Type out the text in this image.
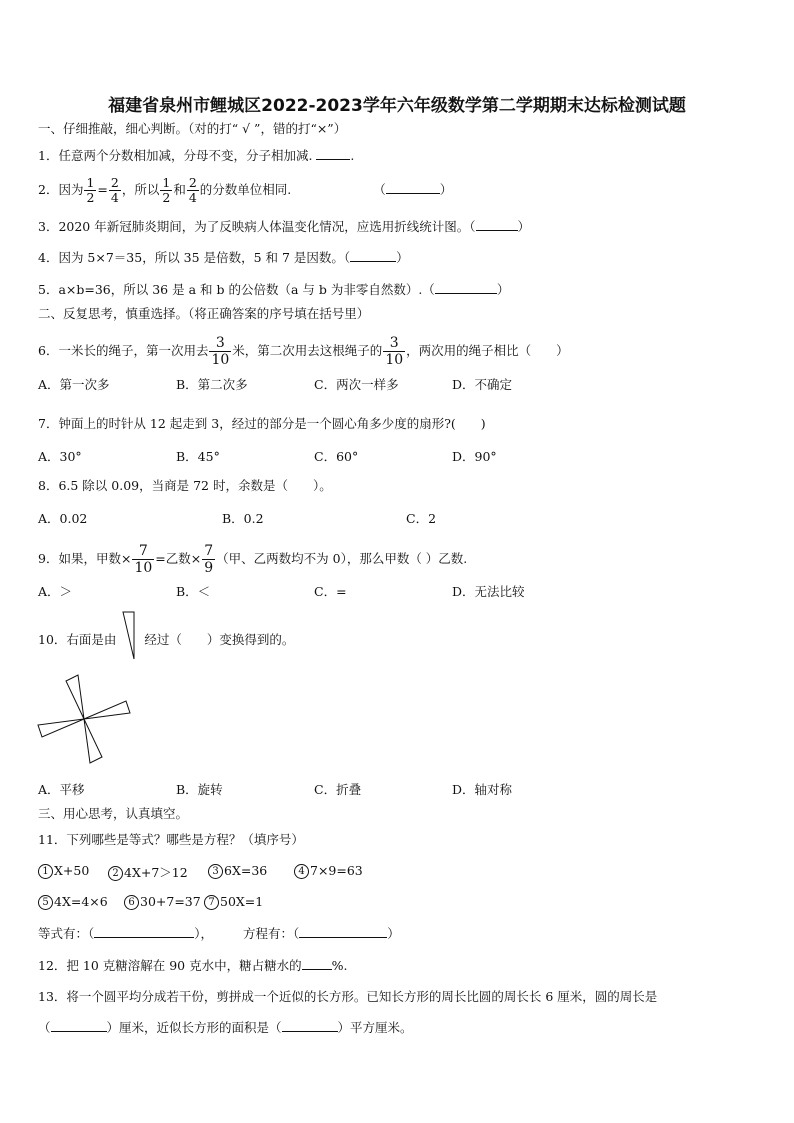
福建省泉州市鲤城区2022-2023学年六年级数学第二学期期末达标检测试题
一、仔细推敲，细心判断。（对的打“ √ ”，错的打“×”）
1．任意两个分数相加减，分母不变，分子相加减.	.
2．因为 $\frac{1}{2} = \frac{2}{4}$ ，所以 $\frac{1}{2}$ 和 $\frac{2}{4}$ 的分数单位相同.	（	）
3．2020 年新冠肺炎期间，为了反映病人体温变化情况，应选用折线统计图。（	）
4．因为 5×7＝35，所以 35 是倍数，5 和 7 是因数。（	）
5．a×b=36，所以 36 是 a 和 b 的公倍数（a 与 b 为非零自然数）.（	）
二、反复思考，慎重选择。（将正确答案的序号填在括号里）
6．一米长的绳子，第一次用去 $\frac{3}{10}$ 米，第二次用去这根绳子的 $\frac{3}{10}$ ，两次用的绳子相比（　　）
A．第一次多	B．第二次多	C．两次一样多	D．不确定
7．钟面上的时针从 12 起走到 3，经过的部分是一个圆心角多少度的扇形?(　　)
A．30°	B．45°	C．60°	D．90°
8．6.5 除以 0.09，当商是 72 时，余数是（　　）。
A．0.02	B．0.2	C．2
9．如果，甲数× $\frac{7}{10}$ =乙数× $\frac{7}{9}$ （甲、乙两数均不为 0），那么甲数（ ）乙数.
A．＞	B．＜	C．=	D．无法比较
10．右面是由 经过（　　）变换得到的。
A．平移	B．旋转	C．折叠	D．轴对称
三、用心思考，认真填空。
11．下列哪些是等式？哪些是方程？（填序号）
1 X+50	2 4X+7＞12	3 6X=36	4 7×9=63
5 4X=4×6	6 30+7=37 7 50X=1
等式有：（	）， 方程有：（	）
12．把 10 克糖溶解在 90 克水中，糖占糖水的 %.
13．将一个圆平均分成若干份，剪拼成一个近似的长方形。已知长方形的周长比圆的周长长 6 厘米，圆的周长是
（	）厘米，近似长方形的面积是（	）平方厘米。
